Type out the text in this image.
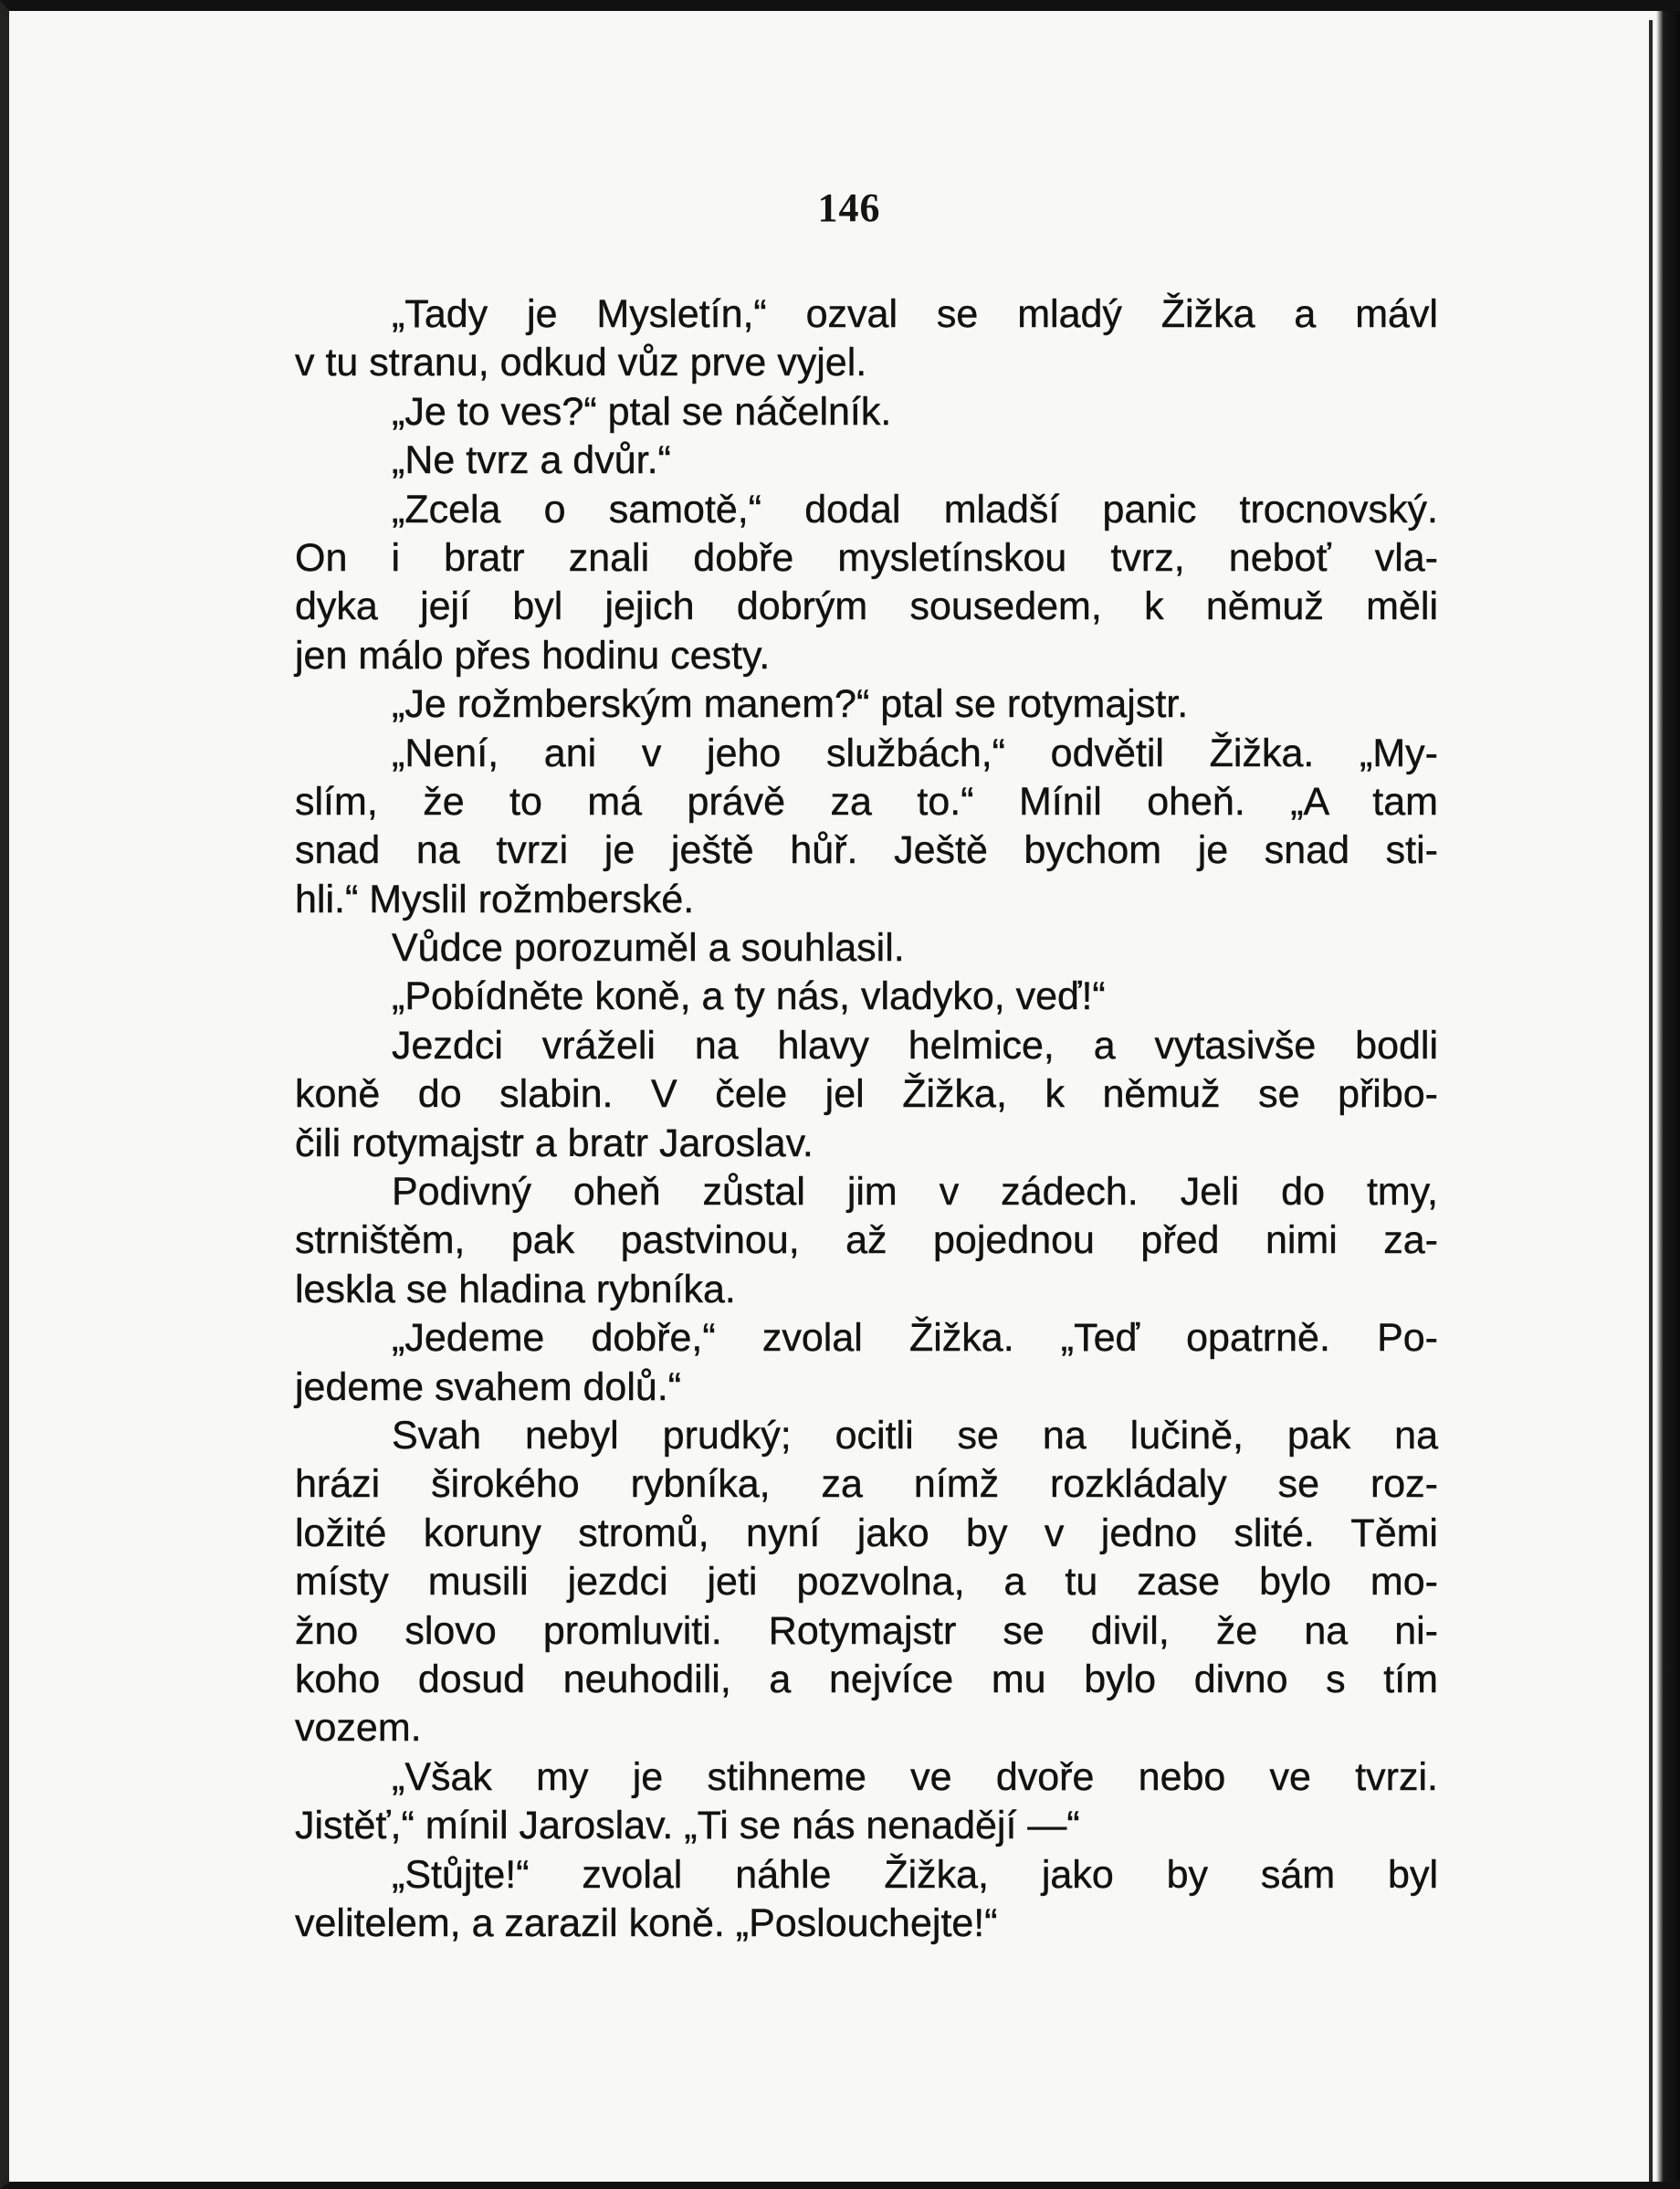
146
„Tady je Mysletín,“ ozval se mladý Žižka a mávl
v tu stranu, odkud vůz prve vyjel.
„Je to ves?“ ptal se náčelník.
„Ne tvrz a dvůr.“
„Zcela o samotě,“ dodal mladší panic trocnovský.
On i bratr znali dobře mysletínskou tvrz, neboť vla-
dyka její byl jejich dobrým sousedem, k němuž měli
jen málo přes hodinu cesty.
„Je rožmberským manem?“ ptal se rotymajstr.
„Není, ani v jeho službách,“ odvětil Žižka. „My-
slím, že to má právě za to.“ Mínil oheň. „A tam
snad na tvrzi je ještě hůř. Ještě bychom je snad sti-
hli.“ Myslil rožmberské.
Vůdce porozuměl a souhlasil.
„Pobídněte koně, a ty nás, vladyko, veď!“
Jezdci vráželi na hlavy helmice, a vytasivše bodli
koně do slabin. V čele jel Žižka, k němuž se přibo-
čili rotymajstr a bratr Jaroslav.
Podivný oheň zůstal jim v zádech. Jeli do tmy,
strništěm, pak pastvinou, až pojednou před nimi za-
leskla se hladina rybníka.
„Jedeme dobře,“ zvolal Žižka. „Teď opatrně. Po-
jedeme svahem dolů.“
Svah nebyl prudký; ocitli se na lučině, pak na
hrázi širokého rybníka, za nímž rozkládaly se roz-
ložité koruny stromů, nyní jako by v jedno slité. Těmi
místy musili jezdci jeti pozvolna, a tu zase bylo mo-
žno slovo promluviti. Rotymajstr se divil, že na ni-
koho dosud neuhodili, a nejvíce mu bylo divno s tím
vozem.
„Však my je stihneme ve dvoře nebo ve tvrzi.
Jistěť,“ mínil Jaroslav. „Ti se nás nenadějí —“
„Stůjte!“ zvolal náhle Žižka, jako by sám byl
velitelem, a zarazil koně. „Poslouchejte!“
